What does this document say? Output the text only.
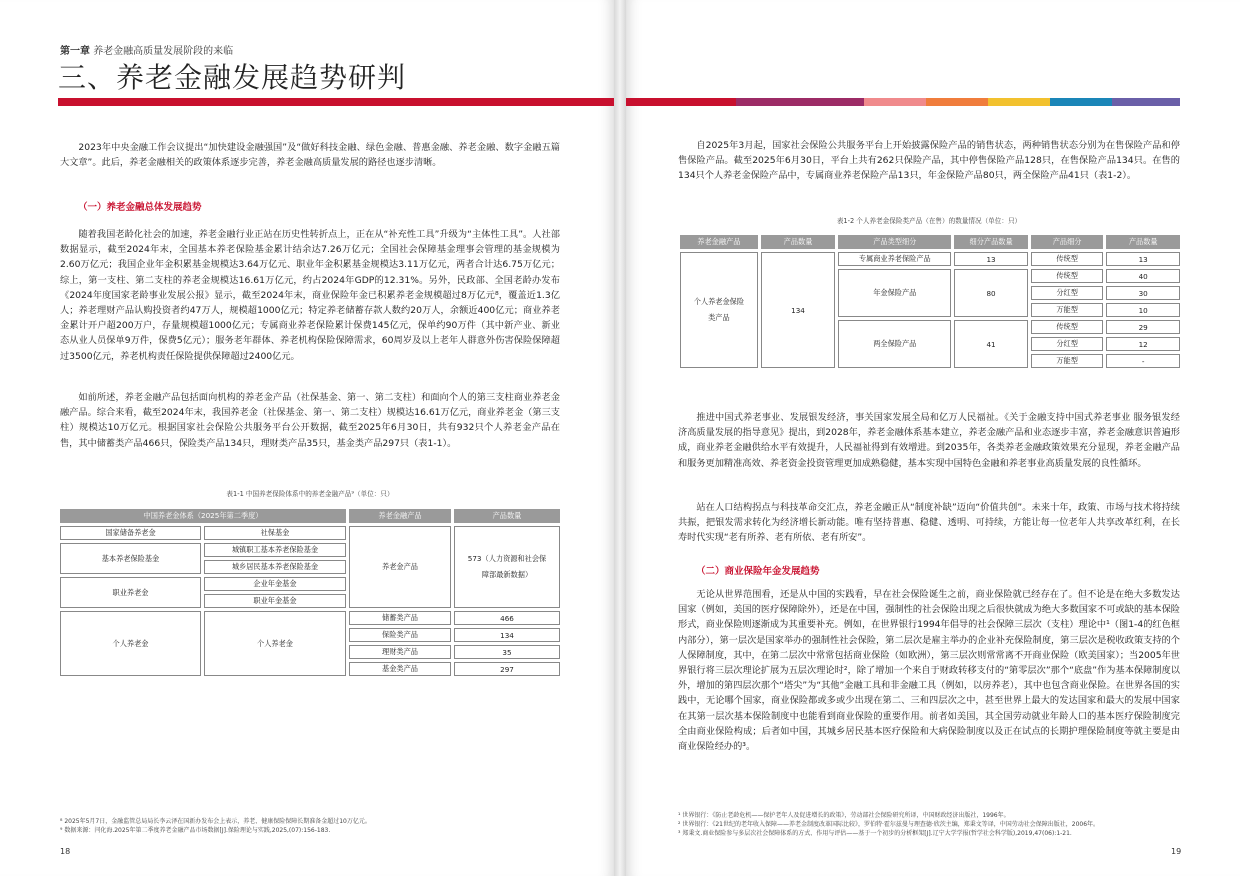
第一章 养老金融高质量发展阶段的来临
三、养老金融发展趋势研判

2023年中央金融工作会议提出“加快建设金融强国”及“做好科技金融、绿色金融、普惠金融、养老金融、数字金融五篇大文章”。此后，养老金融相关的政策体系逐步完善，养老金融高质量发展的路径也逐步清晰。

（一）养老金融总体发展趋势

随着我国老龄化社会的加速，养老金融行业正站在历史性转折点上，正在从“补充性工具”升级为“主体性工具”。人社部数据显示，截至2024年末，全国基本养老保险基金累计结余达7.26万亿元；全国社会保障基金理事会管理的基金规模为2.60万亿元；我国企业年金积累基金规模达3.64万亿元、职业年金积累基金规模达3.11万亿元，两者合计达6.75万亿元；综上，第一支柱、第二支柱的养老金规模达16.61万亿元，约占2024年GDP的12.31%。另外，民政部、全国老龄办发布《2024年度国家老龄事业发展公报》显示，截至2024年末，商业保险年金已积累养老金规模超过8万亿元⁸，覆盖近1.3亿人；养老理财产品认购投资者约47万人，规模超1000亿元；特定养老储蓄存款人数约20万人，余额近400亿元；商业养老金累计开户超200万户，存量规模超1000亿元；专属商业养老保险累计保费145亿元，保单约90万件（其中新产业、新业态从业人员保单9万件，保费5亿元）；服务老年群体、养老机构保险保障需求，60周岁及以上老年人群意外伤害保险保障超过3500亿元，养老机构责任保险提供保障超过2400亿元。

如前所述，养老金融产品包括面向机构的养老金产品（社保基金、第一、第二支柱）和面向个人的第三支柱商业养老金融产品。综合来看，截至2024年末，我国养老金（社保基金、第一、第二支柱）规模达16.61万亿元，商业养老金（第三支柱）规模达10万亿元。根据国家社会保险公共服务平台公开数据，截至2025年6月30日，共有932只个人养老金产品在售，其中储蓄类产品466只，保险类产品134只，理财类产品35只，基金类产品297只（表1-1）。

表1-1 中国养老保险体系中的养老金融产品⁹（单位：只）
中国养老金体系（2025年第二季度）		养老金融产品	产品数量
国家储备养老金	社保基金	养老金产品	573（人力资源和社会保障部最新数据）
基本养老保险基金	城镇职工基本养老保险基金		
	城乡居民基本养老保险基金		
职业养老金	企业年金基金		
	职业年金基金		
个人养老金	个人养老金	储蓄类产品	466
		保险类产品	134
		理财类产品	35
		基金类产品	297
⁸ 2025年5月7日，金融监管总局局长李云泽在国新办发布会上表示，养老、健康保险保障长期准备金超过10万亿元。
⁹ 数据来源：闫化海.2025年第二季度养老金融产品市场数据[J].保险理论与实践,2025,(07):156-183.
18

自2025年3月起，国家社会保险公共服务平台上开始披露保险产品的销售状态，两种销售状态分别为在售保险产品和停售保险产品。截至2025年6月30日，平台上共有262只保险产品，其中停售保险产品128只，在售保险产品134只。在售的134只个人养老金保险产品中，专属商业养老保险产品13只，年金保险产品80只，两全保险产品41只（表1-2）。

表1-2 个人养老金保险类产品（在售）的数量情况（单位：只）
养老金融产品	产品数量	产品类型细分	细分产品数量	产品细分	产品数量
个人养老金保险类产品	134	专属商业养老保险产品	13	传统型	13
		年金保险产品	80	传统型	40
				分红型	30
				万能型	10
		两全保险产品	41	传统型	29
				分红型	12
				万能型	-

推进中国式养老事业、发展银发经济，事关国家发展全局和亿万人民福祉。《关于金融支持中国式养老事业 服务银发经济高质量发展的指导意见》提出，到2028年，养老金融体系基本建立，养老金融产品和业态逐步丰富，养老金融意识普遍形成，商业养老金融供给水平有效提升，人民福祉得到有效增进。到2035年，各类养老金融政策效果充分显现，养老金融产品和服务更加精准高效、养老资金投资管理更加成熟稳健，基本实现中国特色金融和养老事业高质量发展的良性循环。

站在人口结构拐点与科技革命交汇点，养老金融正从“制度补缺”迈向“价值共创”。未来十年，政策、市场与技术将持续共振，把银发需求转化为经济增长新动能。唯有坚持普惠、稳健、透明、可持续，方能让每一位老年人共享改革红利，在长寿时代实现“老有所养、老有所依、老有所安”。

（二）商业保险年金发展趋势

无论从世界范围看，还是从中国的实践看，早在社会保险诞生之前，商业保险就已经存在了。但不论是在绝大多数发达国家（例如，美国的医疗保障除外），还是在中国，强制性的社会保险出现之后很快就成为绝大多数国家不可或缺的基本保险形式，商业保险则逐渐成为其重要补充。例如，在世界银行1994年倡导的社会保障三层次（支柱）理论中¹（图1-4的红色框内部分），第一层次是国家举办的强制性社会保险，第二层次是雇主举办的企业补充保险制度，第三层次是税收政策支持的个人保障制度，其中，在第二层次中常常包括商业保险（如欧洲），第三层次则常常离不开商业保险（欧美国家）；当2005年世界银行将三层次理论扩展为五层次理论时²，除了增加一个来自于财政转移支付的“第零层次”那个“底盘”作为基本保障制度以外，增加的第四层次那个“塔尖”为“其他”金融工具和非金融工具（例如，以房养老），其中也包含商业保险。在世界各国的实践中，无论哪个国家，商业保险都或多或少出现在第二、三和四层次之中，甚至世界上最大的发达国家和最大的发展中国家在其第一层次基本保险制度中也能看到商业保险的重要作用。前者如美国，其全国劳动就业年龄人口的基本医疗保险制度完全由商业保险构成；后者如中国，其城乡居民基本医疗保险和大病保险制度以及正在试点的长期护理保险制度等就主要是由商业保险经办的³。

¹ 世界银行：《防止老龄危机——保护老年人及促进增长的政策》，劳动部社会保险研究所译，中国财政经济出版社，1996年。
² 世界银行：《21世纪的老年收入保障——养老金制度改革国际比较》，罗伯特·霍尔兹曼与理查德·欣茨主编，郑秉文等译，中国劳动社会保障出版社，2006年。
³ 郑秉文.商业保险参与多层次社会保障体系的方式、作用与评估——基于一个初步的分析框架[J].辽宁大学学报(哲学社会科学版),2019,47(06):1-21.
19
